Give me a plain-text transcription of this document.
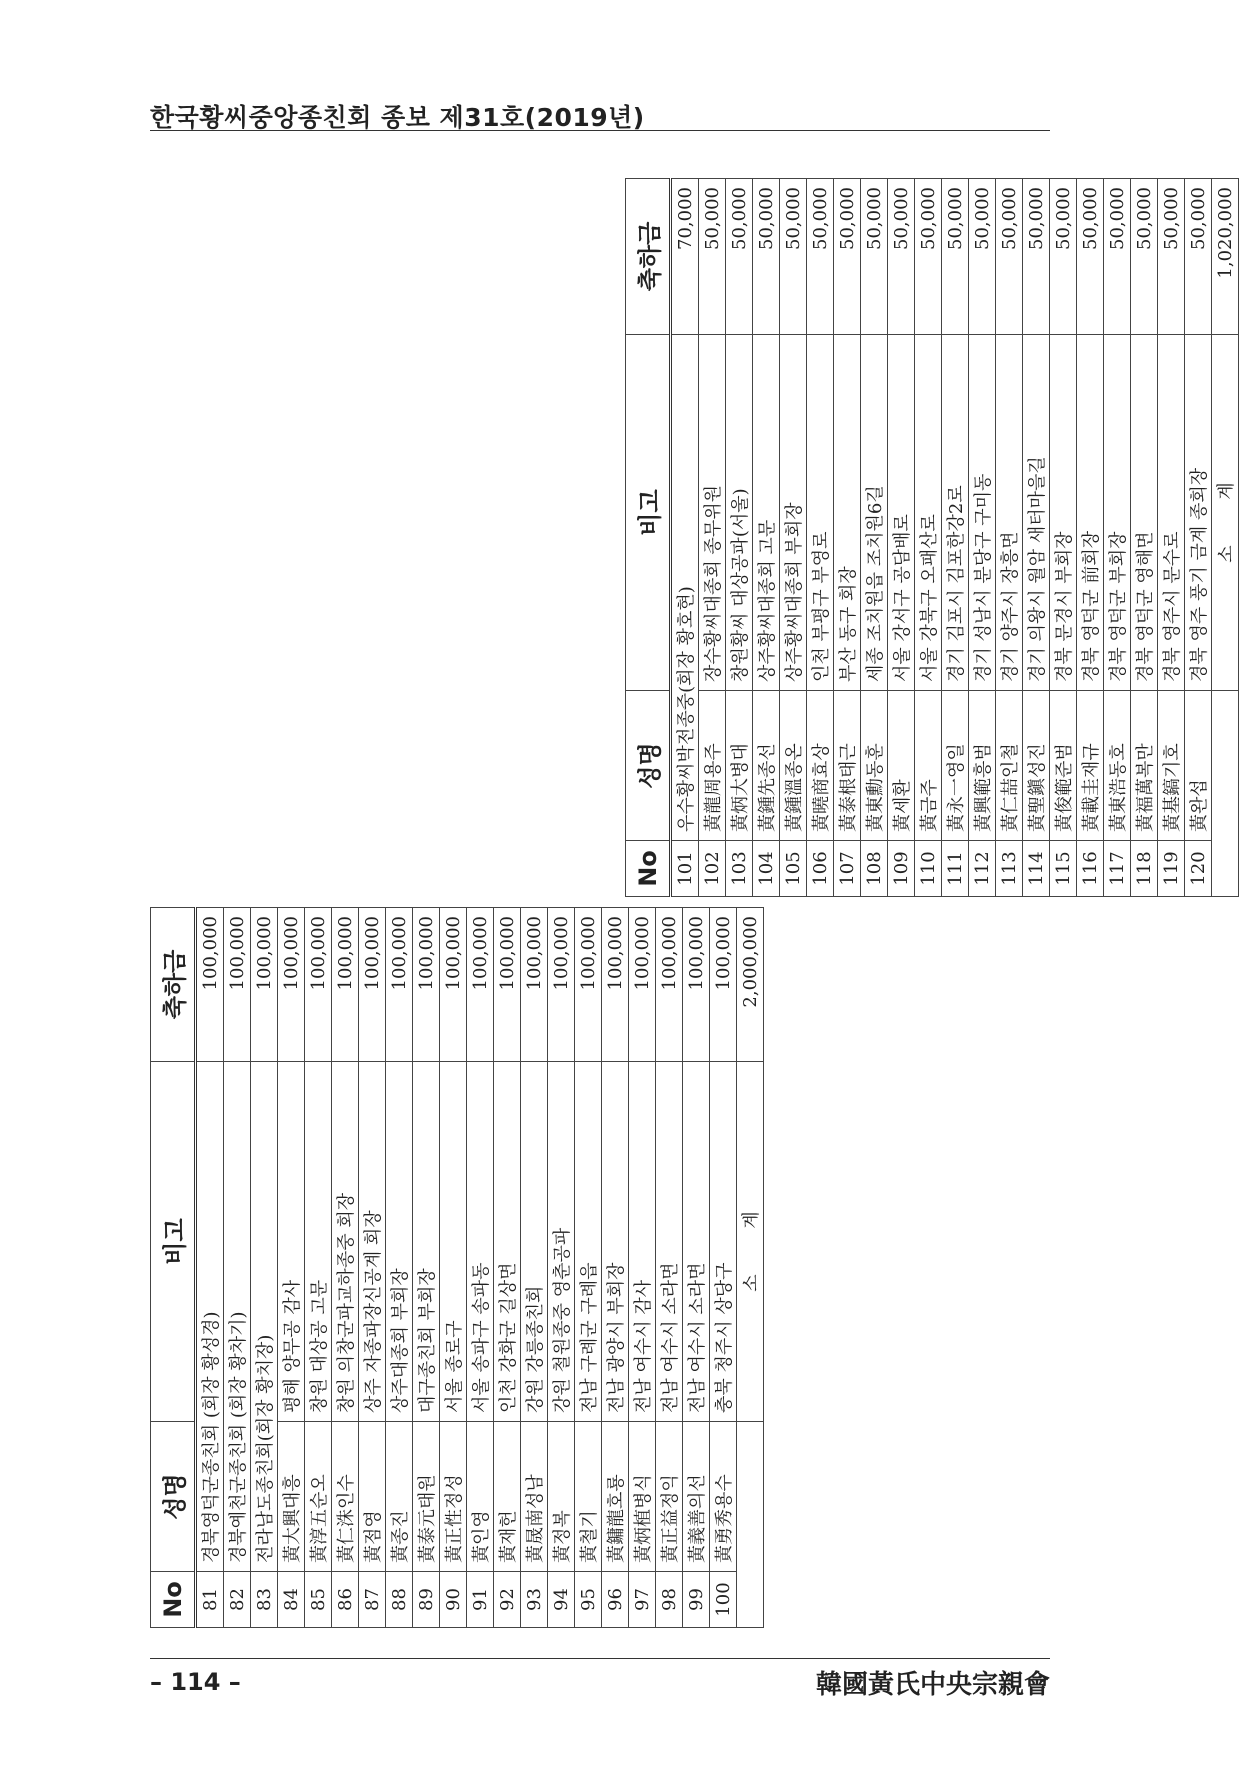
한국황씨중앙종친회 종보 제31호(2019년)
No	성명	비고	축하금
81	경북영덕군종친회 (회장 황성경)		100,000
82	경북예천군종친회 (회장 황차기)		100,000
83	전라남도종친회(회장 황치장)		100,000
84	黃大興대흥	평해 양무공 감사	100,000
85	黃淳五순오	창원 대상공 고문	100,000
86	黃仁洙인수	창원 의창군파교하종중 회장	100,000
87	黃점영	상주 자종파장신공계 회장	100,000
88	黃종진	상주대종회 부회장	100,000
89	黃泰元태원	대구종친회 부회장	100,000
90	黃正性정성	서울 종로구	100,000
91	黃인영	서울 송파구 송파동	100,000
92	黃재헌	인천 강화군 길상면	100,000
93	黃晟南성남	강원 강릉종친회	100,000
94	黃정복	강원 철원종중 영춘공파	100,000
95	黃철기	전남 구례군 구례읍	100,000
96	黃鏞龍호룡	전남 광양시 부회장	100,000
97	黃炳植병식	전남 여수시 감사	100,000
98	黃正益정익	전남 여수시 소라면	100,000
99	黃義善의선	전남 여수시 소라면	100,000
100	黃勇秀용수	충북 청주시 상당구	100,000
		소 계	2,000,000
No	성명	비고	축하금
101	우수황씨박전종중(회장 황호현)		70,000
102	黃龍周용주	장수황씨대종회 종무위원	50,000
103	黃炳大병대	창원황씨 대상공파(서울)	50,000
104	黃鍾先종선	상주황씨대종회 고문	50,000
105	黃鍾溫종온	상주황씨대종회 부회장	50,000
106	黃曉商효상	인천 부평구 부영로	50,000
107	黃泰根태근	부산 동구 회장	50,000
108	黃東勳동훈	세종 조치원읍 조치원6길	50,000
109	黃세환	서울 강서구 공담배로	50,000
110	黃금주	서울 강북구 오패산로	50,000
111	黃永一영일	경기 김포시 김포한강2로	50,000
112	黃興範흥범	경기 성남시 분당구 구미동	50,000
113	黃仁喆인철	경기 양주시 장흥면	50,000
114	黃聖鎭성진	경기 의왕시 월암 새터마을길	50,000
115	黃俊範준범	경북 문경시 부회장	50,000
116	黃載圭재규	경북 영덕군 前회장	50,000
117	黃東浩동호	경북 영덕군 부회장	50,000
118	黃福萬복만	경북 영덕군 영해면	50,000
119	黃基鎬기호	경북 영주시 문수로	50,000
120	黃완섭	경북 영주 풍기 금계 종회장	50,000
		소 계	1,020,000
– 114 –	韓國黃氏中央宗親會
